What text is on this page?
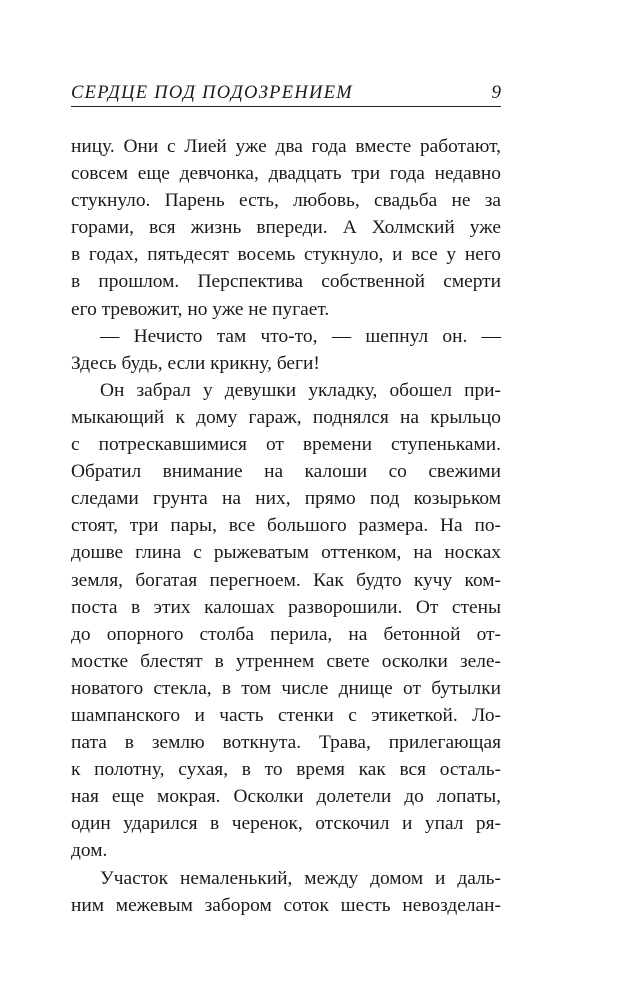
СЕРДЦЕ ПОД ПОДОЗРЕНИЕМ	9
ницу. Они с Лией уже два года вместе работают,
совсем еще девчонка, двадцать три года недавно
стукнуло. Парень есть, любовь, свадьба не за
горами, вся жизнь впереди. А Холмский уже
в годах, пятьдесят восемь стукнуло, и все у него
в прошлом. Перспектива собственной смерти
его тревожит, но уже не пугает.
— Нечисто там что-то, — шепнул он. —
Здесь будь, если крикну, беги!
Он забрал у девушки укладку, обошел при-
мыкающий к дому гараж, поднялся на крыльцо
с потрескавшимися от времени ступеньками.
Обратил внимание на калоши со свежими
следами грунта на них, прямо под козырьком
стоят, три пары, все большого размера. На по-
дошве глина с рыжеватым оттенком, на носках
земля, богатая перегноем. Как будто кучу ком-
поста в этих калошах разворошили. От стены
до опорного столба перила, на бетонной от-
мостке блестят в утреннем свете осколки зеле-
новатого стекла, в том числе днище от бутылки
шампанского и часть стенки с этикеткой. Ло-
пата в землю воткнута. Трава, прилегающая
к полотну, сухая, в то время как вся осталь-
ная еще мокрая. Осколки долетели до лопаты,
один ударился в черенок, отскочил и упал ря-
дом.
Участок немаленький, между домом и даль-
ним межевым забором соток шесть невозделан-
